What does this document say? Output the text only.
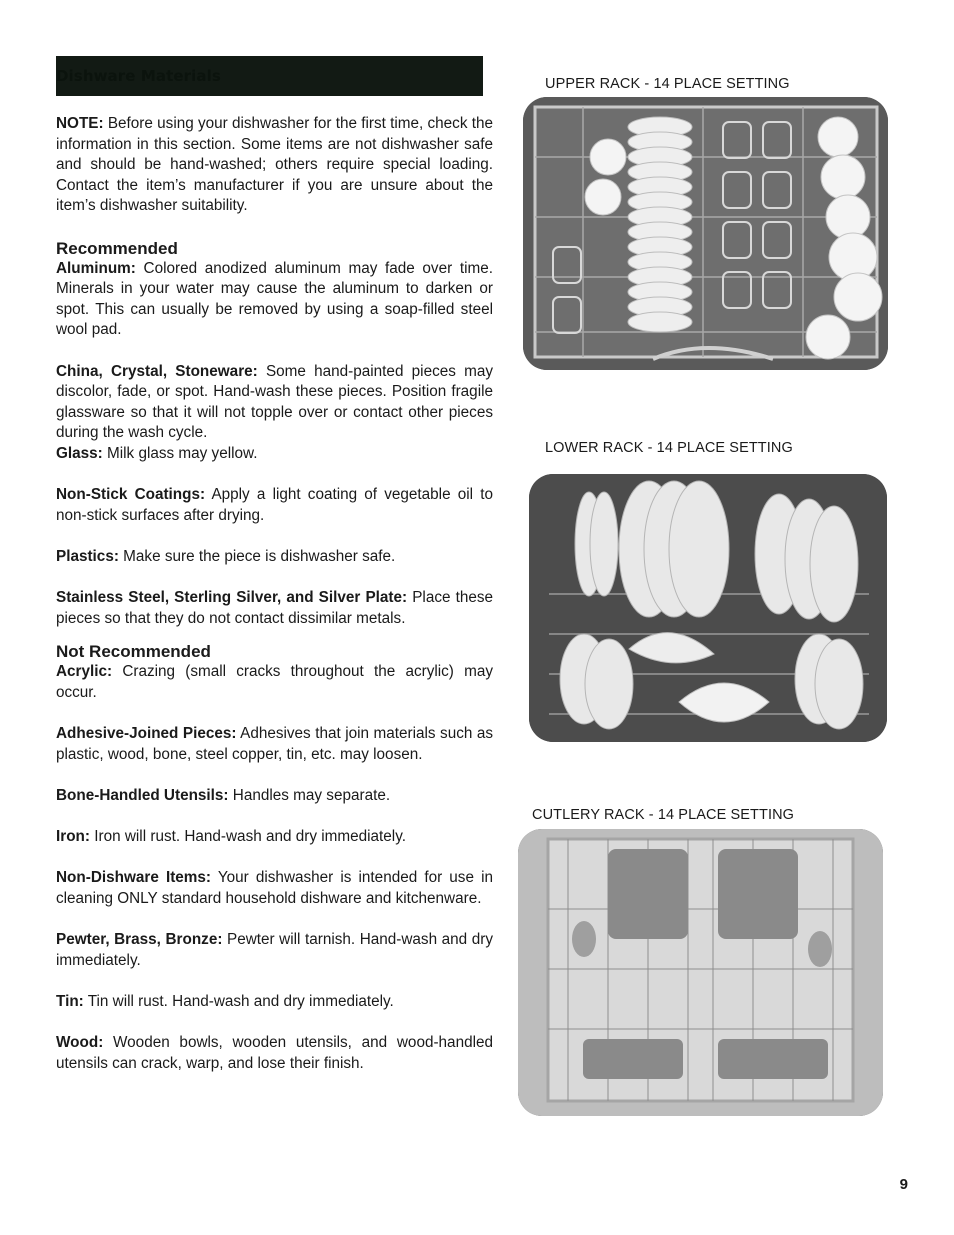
Dishware Materials

NOTE: Before using your dishwasher for the first time, check the information in this section. Some items are not dishwasher safe and should be hand-washed; others require special loading. Contact the item’s manufacturer if you are unsure about the item’s dishwasher suitability.

Recommended

Aluminum: Colored anodized aluminum may fade over time. Minerals in your water may cause the aluminum to darken or spot. This can usually be removed by using a soap-filled steel wool pad.

China, Crystal, Stoneware: Some hand-painted pieces may discolor, fade, or spot. Hand-wash these pieces. Position fragile glassware so that it will not topple over or contact other pieces during the wash cycle.

Glass: Milk glass may yellow.

Non-Stick Coatings: Apply a light coating of vegetable oil to non-stick surfaces after drying.

Plastics: Make sure the piece is dishwasher safe.

Stainless Steel, Sterling Silver, and Silver Plate: Place these pieces so that they do not contact dissimilar metals.

Not Recommended

Acrylic: Crazing (small cracks throughout the acrylic) may occur.

Adhesive-Joined Pieces: Adhesives that join materials such as plastic, wood, bone, steel copper, tin, etc. may loosen.

Bone-Handled Utensils: Handles may separate.

Iron: Iron will rust. Hand-wash and dry immediately.

Non-Dishware Items: Your dishwasher is intended for use in cleaning ONLY standard household dishware and kitchenware.

Pewter, Brass, Bronze: Pewter will tarnish. Hand-wash and dry immediately.

Tin: Tin will rust. Hand-wash and dry immediately.

Wood: Wooden bowls, wooden utensils, and wood-handled utensils can crack, warp, and lose their finish.

UPPER RACK - 14 PLACE SETTING
LOWER RACK - 14 PLACE SETTING
CUTLERY RACK - 14 PLACE SETTING
9
